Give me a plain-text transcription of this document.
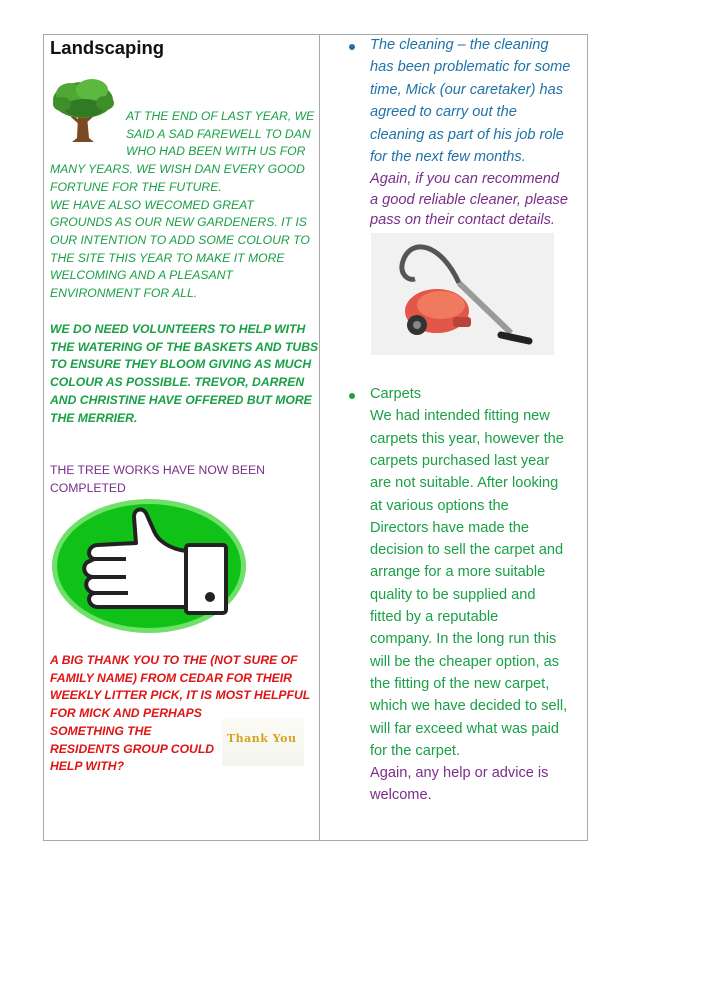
Landscaping
AT THE END OF LAST YEAR, WE
SAID A SAD FAREWELL TO DAN
WHO HAD BEEN WITH US FOR
MANY YEARS. WE WISH DAN EVERY GOOD
FORTUNE FOR THE FUTURE.
WE HAVE ALSO WECOMED GREAT
GROUNDS AS OUR NEW GARDENERS. IT IS
OUR INTENTION TO ADD SOME COLOUR TO
THE SITE THIS YEAR TO MAKE IT MORE
WELCOMING AND A PLEASANT
ENVIRONMENT FOR ALL.
WE DO NEED VOLUNTEERS TO HELP WITH
THE WATERING OF THE BASKETS AND TUBS
TO ENSURE THEY BLOOM GIVING AS MUCH
COLOUR AS POSSIBLE. TREVOR, DARREN
AND CHRISTINE HAVE OFFERED BUT MORE
THE MERRIER.
THE TREE WORKS HAVE NOW BEEN
COMPLETED
A BIG THANK YOU TO THE (NOT SURE OF
FAMILY NAME) FROM CEDAR FOR THEIR
WEEKLY LITTER PICK, IT IS MOST HELPFUL
FOR MICK AND PERHAPS
SOMETHING THE
RESIDENTS GROUP COULD
HELP WITH?
Thank You
The cleaning – the cleaning
has been problematic for some
time, Mick (our caretaker) has
agreed to carry out the
cleaning as part of his job role
for the next few months.
Again, if you can recommend
a good reliable cleaner, please
pass on their contact details.
Carpets
We had intended fitting new
carpets this year, however the
carpets purchased last year
are not suitable. After looking
at various options the
Directors have made the
decision to sell the carpet and
arrange for a more suitable
quality to be supplied and
fitted by a reputable
company. In the long run this
will be the cheaper option, as
the fitting of the new carpet,
which we have decided to sell,
will far exceed what was paid
for the carpet.
Again, any help or advice is
welcome.
